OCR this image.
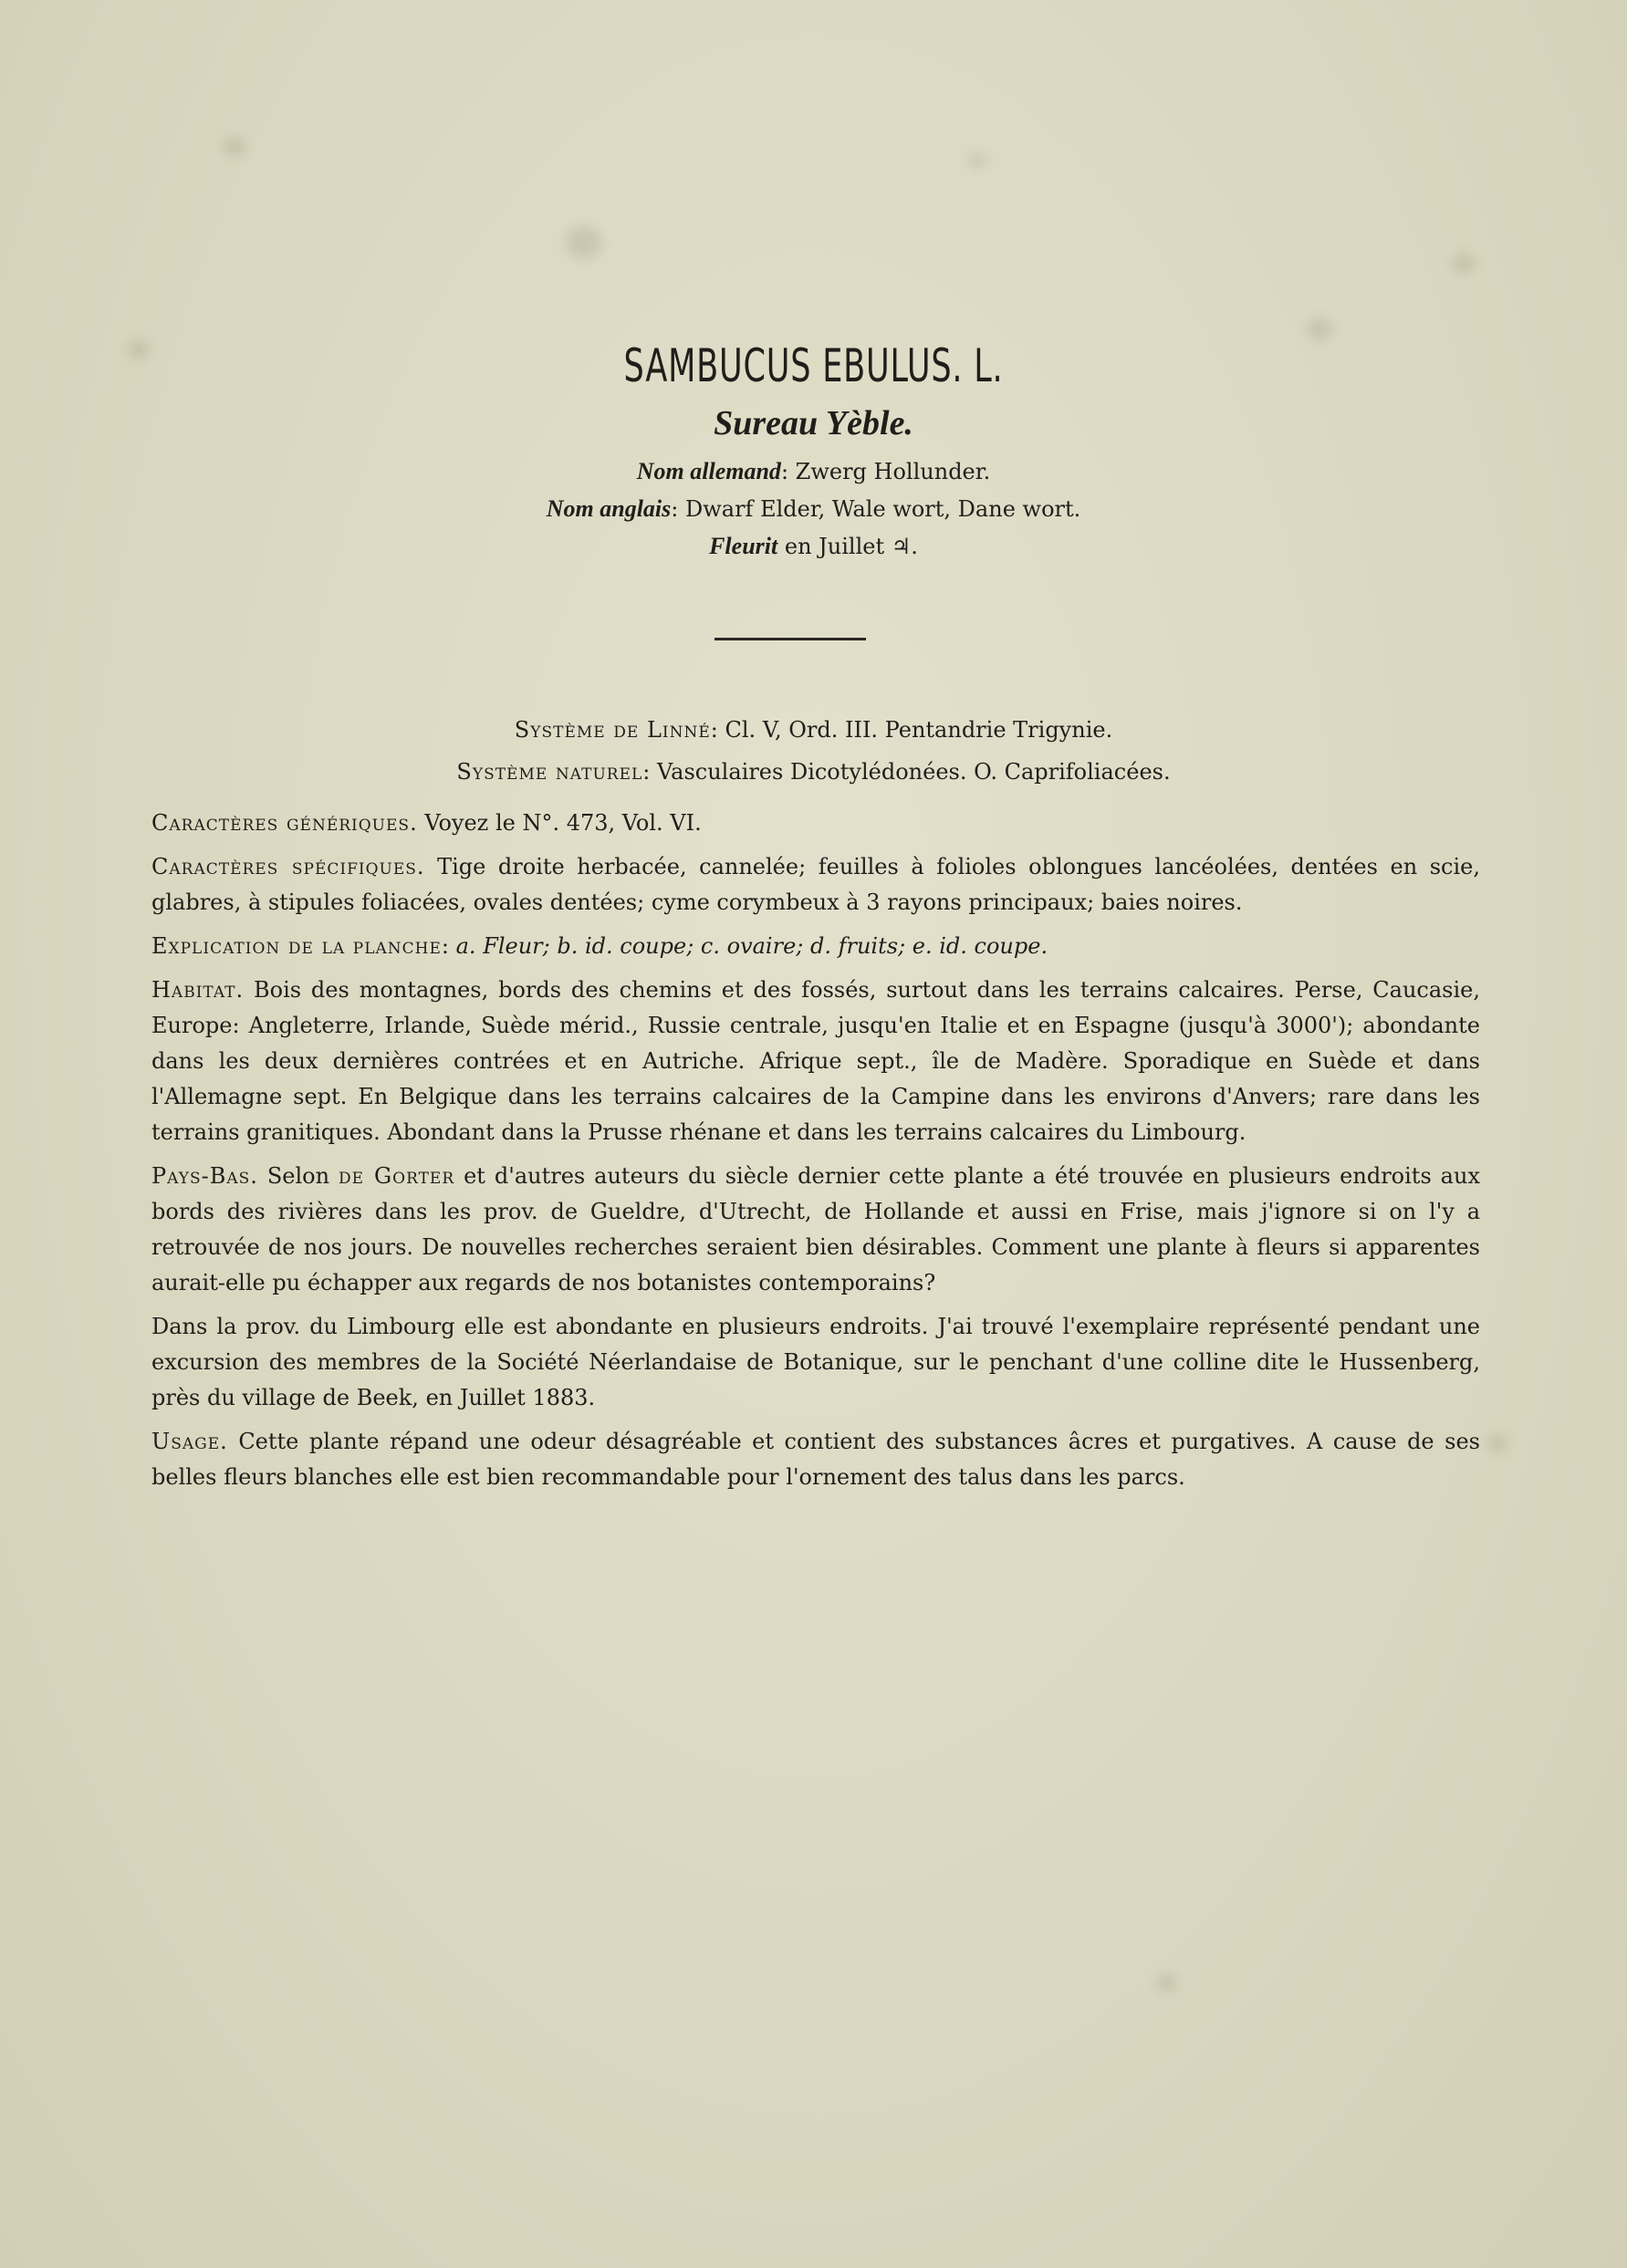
SAMBUCUS EBULUS. L.
Sureau Yèble.
Nom allemand: Zwerg Hollunder.
Nom anglais: Dwarf Elder, Wale wort, Dane wort.
Fleurit en Juillet ♃.
Système de Linné: Cl. V, Ord. III. Pentandrie Trigynie.
Système naturel: Vasculaires Dicotylédonées. O. Caprifoliacées.

Caractères génériques. Voyez le N°. 473, Vol. VI.

Caractères spécifiques. Tige droite herbacée, cannelée; feuilles à folioles oblongues lancéolées, dentées en scie, glabres, à stipules foliacées, ovales dentées; cyme corymbeux à 3 rayons principaux; baies noires.

Explication de la planche: a. Fleur; b. id. coupe; c. ovaire; d. fruits; e. id. coupe.

Habitat. Bois des montagnes, bords des chemins et des fossés, surtout dans les terrains calcaires. Perse, Caucasie, Europe: Angleterre, Irlande, Suède mérid., Russie centrale, jusqu'en Italie et en Espagne (jusqu'à 3000'); abondante dans les deux dernières contrées et en Autriche. Afrique sept., île de Madère. Sporadique en Suède et dans l'Allemagne sept. En Belgique dans les terrains calcaires de la Campine dans les environs d'Anvers; rare dans les terrains granitiques. Abondant dans la Prusse rhénane et dans les terrains calcaires du Limbourg.

Pays-Bas. Selon de Gorter et d'autres auteurs du siècle dernier cette plante a été trouvée en plusieurs endroits aux bords des rivières dans les prov. de Gueldre, d'Utrecht, de Hollande et aussi en Frise, mais j'ignore si on l'y a retrouvée de nos jours. De nouvelles recherches seraient bien désirables. Comment une plante à fleurs si apparentes aurait-elle pu échapper aux regards de nos botanistes contemporains?

Dans la prov. du Limbourg elle est abondante en plusieurs endroits. J'ai trouvé l'exemplaire représenté pendant une excursion des membres de la Société Néerlandaise de Botanique, sur le penchant d'une colline dite le Hussenberg, près du village de Beek, en Juillet 1883.

Usage. Cette plante répand une odeur désagréable et contient des substances âcres et purgatives. A cause de ses belles fleurs blanches elle est bien recommandable pour l'ornement des talus dans les parcs.
